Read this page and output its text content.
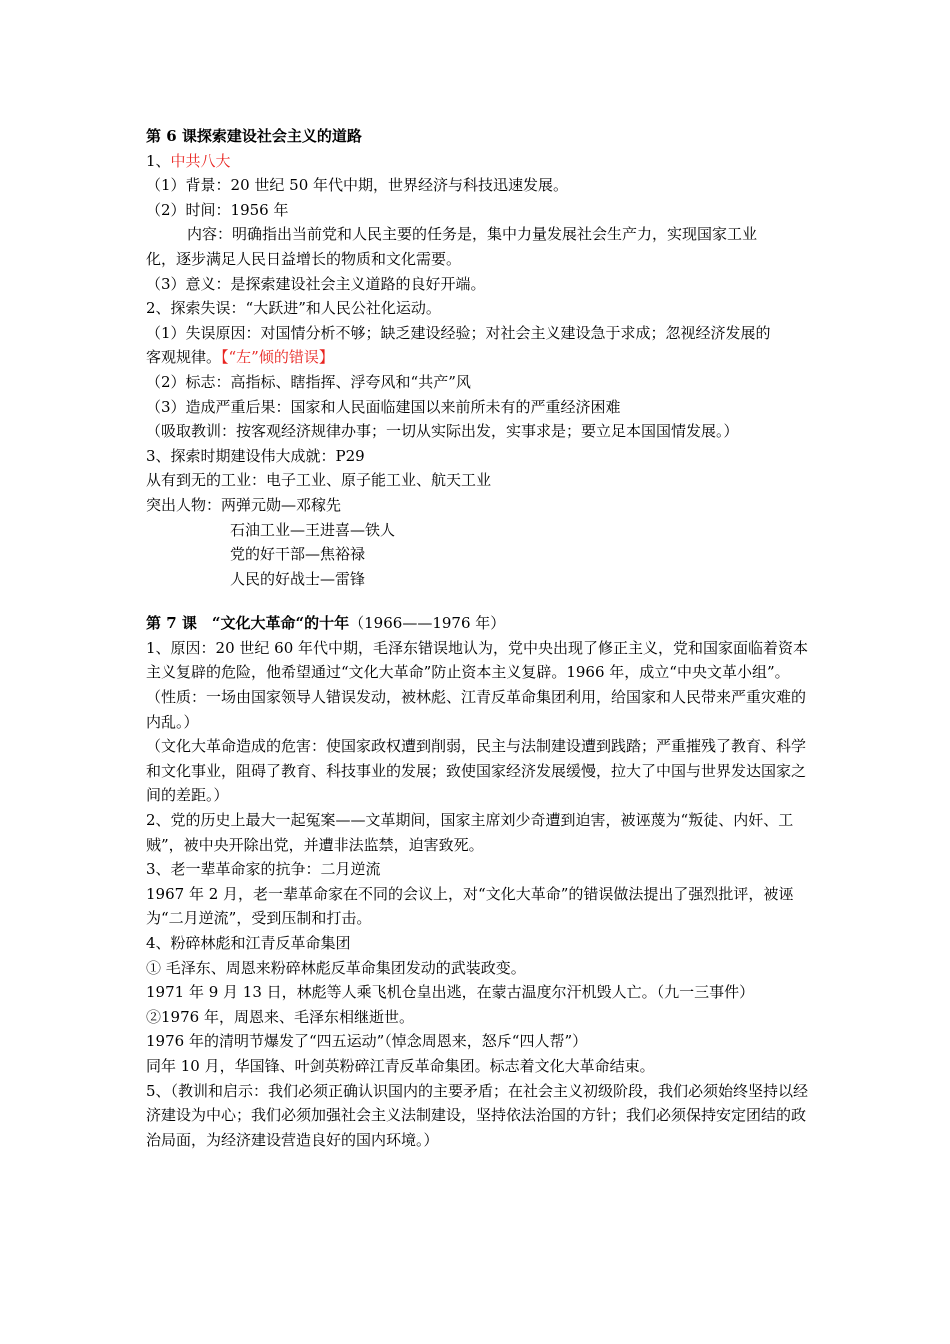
第 6 课探索建设社会主义的道路
1、中共八大
（1）背景：20 世纪 50 年代中期，世界经济与科技迅速发展。
（2）时间：1956 年
内容：明确指出当前党和人民主要的任务是，集中力量发展社会生产力，实现国家工业
化，逐步满足人民日益增长的物质和文化需要。
（3）意义：是探索建设社会主义道路的良好开端。
2、探索失误：“大跃进”和人民公社化运动。
（1）失误原因：对国情分析不够；缺乏建设经验；对社会主义建设急于求成；忽视经济发展的
客观规律。【“左”倾的错误】
（2）标志：高指标、瞎指挥、浮夸风和“共产”风
（3）造成严重后果：国家和人民面临建国以来前所未有的严重经济困难
（吸取教训：按客观经济规律办事；一切从实际出发，实事求是；要立足本国国情发展。）
3、探索时期建设伟大成就：P29
从有到无的工业：电子工业、原子能工业、航天工业
突出人物：两弹元勋—邓稼先
石油工业—王进喜—铁人
党的好干部—焦裕禄
人民的好战士—雷锋
第 7 课　“文化大革命“的十年（1966——1976 年）
1、原因：20 世纪 60 年代中期，毛泽东错误地认为，党中央出现了修正主义，党和国家面临着资本主义复辟的危险，他希望通过“文化大革命”防止资本主义复辟。1966 年，成立“中央文革小组”。
（性质：一场由国家领导人错误发动，被林彪、江青反革命集团利用，给国家和人民带来严重灾难的内乱。）
（文化大革命造成的危害：使国家政权遭到削弱，民主与法制建设遭到践踏；严重摧残了教育、科学和文化事业，阻碍了教育、科技事业的发展；致使国家经济发展缓慢，拉大了中国与世界发达国家之间的差距。）
2、党的历史上最大一起冤案——文革期间，国家主席刘少奇遭到迫害，被诬蔑为“叛徒、内奸、工贼”，被中央开除出党，并遭非法监禁，迫害致死。
3、老一辈革命家的抗争：二月逆流
1967 年 2 月，老一辈革命家在不同的会议上，对“文化大革命”的错误做法提出了强烈批评，被诬为“二月逆流”，受到压制和打击。
4、粉碎林彪和江青反革命集团
① 毛泽东、周恩来粉碎林彪反革命集团发动的武装政变。
1971 年 9 月 13 日，林彪等人乘飞机仓皇出逃，在蒙古温度尔汗机毁人亡。（九一三事件）
②1976 年，周恩来、毛泽东相继逝世。
1976 年的清明节爆发了“四五运动”（悼念周恩来，怒斥“四人帮”）
同年 10 月，华国锋、叶剑英粉碎江青反革命集团。标志着文化大革命结束。
5、（教训和启示：我们必须正确认识国内的主要矛盾；在社会主义初级阶段，我们必须始终坚持以经济建设为中心；我们必须加强社会主义法制建设，坚持依法治国的方针；我们必须保持安定团结的政治局面，为经济建设营造良好的国内环境。）
